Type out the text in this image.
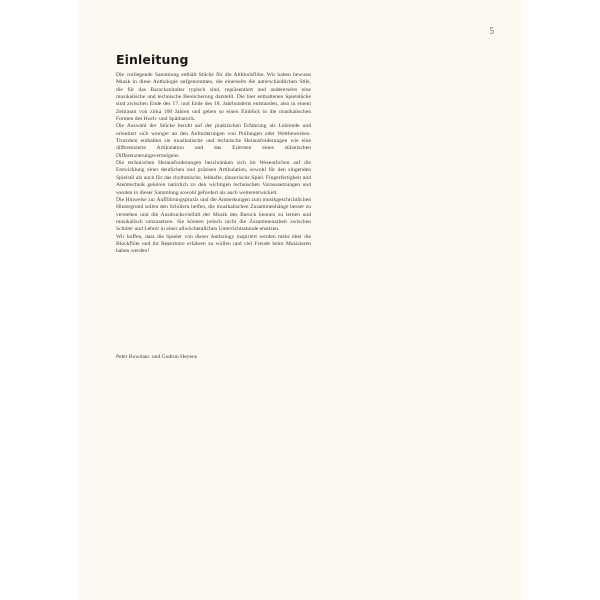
5
Einleitung

Die vorliegende Sammlung enthält Stücke für die Altblockflöte. Wir haben bewusst Musik in diese Anthologie aufgenommen, die einerseits die unterschiedlichen Stile, die für das Barockzeitalter typisch sind, repräsentiert und andererseits eine musikalische und technische Bereicherung darstellt. Die hier enthaltenen Spielstücke sind zwischen Ende des 17. und Ende des 18. Jahrhunderts entstanden, also in einem Zeitraum von zirka 100 Jahren und geben so einen Einblick in die musikalischen Formen des Hoch- und Spätbarock.

Die Auswahl der Stücke beruht auf der praktischen Erfahrung als Lehrende und orientiert sich weniger an den Anforderungen von Prüfungen oder Wettbewerben. Trotzdem enthalten sie musikalische und technische Herausforderungen wie eine differenzierte Artikulation und das Erlernen eines stilistischen Differenzierungsvermögens.

Die technischen Herausforderungen beschränken sich im Wesentlichen auf die Entwicklung einer deutlichen und präzisen Artikulation, sowohl für den singenden Spielstil als auch für das rhythmische, lebhafte, tänzerische Spiel. Fingerfertigkeit und Atemtechnik gehören natürlich zu den wichtigen technischen Voraussetzungen und werden in dieser Sammlung sowohl gefordert als auch weiterentwickelt.

Die Hinweise zur Aufführungspraxis und die Anmerkungen zum musikgeschichtlichen Hintergrund sollen den Schülern helfen, die musikalischen Zusammenhänge besser zu verstehen und die Ausdrucksvielfalt der Musik des Barock kennen zu lernen und musikalisch umzusetzen. Sie können jedoch nicht die Zusammenarbeit zwischen Schüler und Lehrer in einer allwöchentlichen Unterrichtsstunde ersetzen.

Wir hoffen, dass die Spieler von dieser Anthology inspiriert werden mehr über die Blockflöte und ihr Repertoire erfahren zu wollen und viel Freude beim Musizieren haben werden!

Peter Bowman  und Gudrun Heyens
